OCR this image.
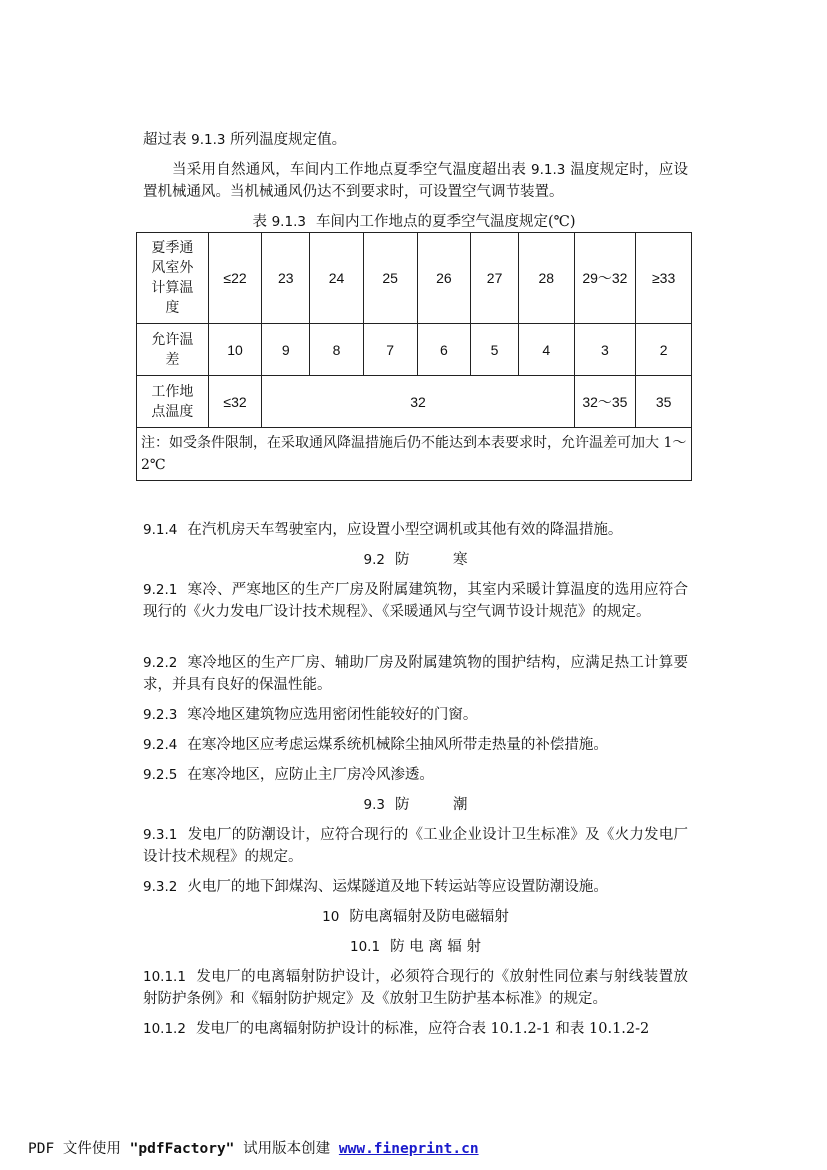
超过表 9.1.3 所列温度规定值。
当采用自然通风，车间内工作地点夏季空气温度超出表 9.1.3 温度规定时，应设置机械通风。当机械通风仍达不到要求时，可设置空气调节装置。
表 9.1.3 车间内工作地点的夏季空气温度规定(℃)
夏季通风室外计算温度	≤22	23	24	25	26	27	28	29～32	≥33
允许温差	10	9	8	7	6	5	4	3	2
工作地点温度	≤32	32						32～35	35
注：如受条件限制，在采取通风降温措施后仍不能达到本表要求时，允许温差可加大 1～2℃									
9.1.4 在汽机房天车驾驶室内，应设置小型空调机或其他有效的降温措施。
9.2 防　　　寒
9.2.1 寒冷、严寒地区的生产厂房及附属建筑物，其室内采暖计算温度的选用应符合现行的《火力发电厂设计技术规程》、《采暖通风与空气调节设计规范》的规定。
9.2.2 寒冷地区的生产厂房、辅助厂房及附属建筑物的围护结构，应满足热工计算要求，并具有良好的保温性能。
9.2.3 寒冷地区建筑物应选用密闭性能较好的门窗。
9.2.4 在寒冷地区应考虑运煤系统机械除尘抽风所带走热量的补偿措施。
9.2.5 在寒冷地区，应防止主厂房冷风渗透。
9.3 防　　　潮
9.3.1 发电厂的防潮设计，应符合现行的《工业企业设计卫生标准》及《火力发电厂设计技术规程》的规定。
9.3.2 火电厂的地下卸煤沟、运煤隧道及地下转运站等应设置防潮设施。
10 防电离辐射及防电磁辐射
10.1 防 电 离 辐 射
10.1.1 发电厂的电离辐射防护设计，必须符合现行的《放射性同位素与射线装置放射防护条例》和《辐射防护规定》及《放射卫生防护基本标准》的规定。
10.1.2 发电厂的电离辐射防护设计的标准，应符合表 10.1.2-1 和表 10.1.2-2
PDF 文件使用 "pdfFactory" 试用版本创建 www.fineprint.cn
